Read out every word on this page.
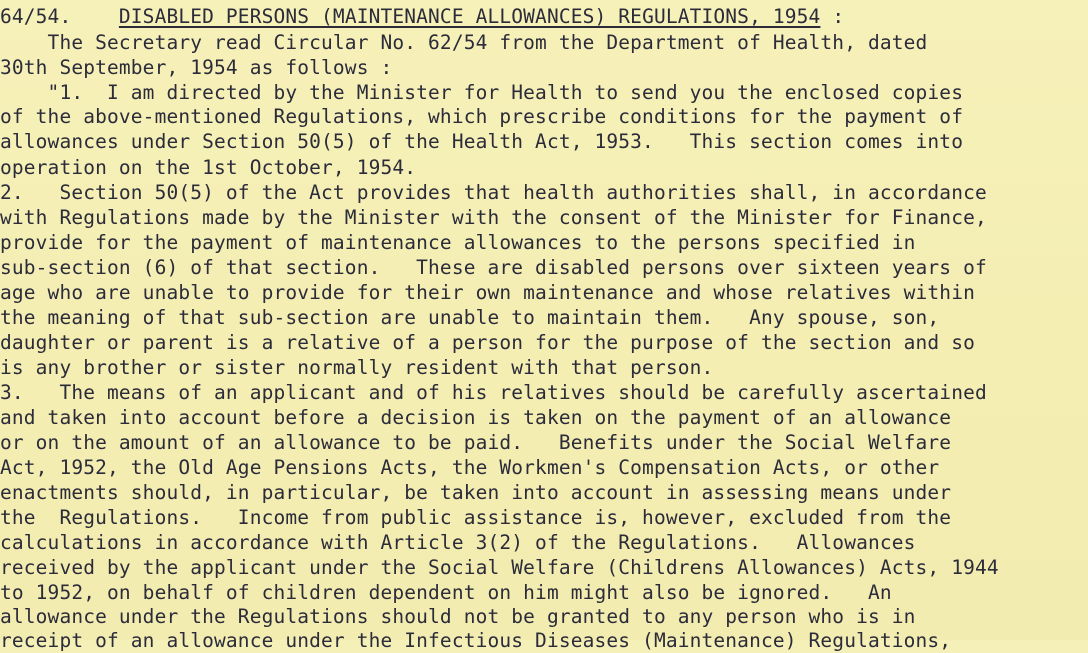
64/54. DISABLED PERSONS (MAINTENANCE ALLOWANCES) REGULATIONS, 1954 :
The Secretary read Circular No. 62/54 from the Department of Health, dated
30th September, 1954 as follows :
"1.  I am directed by the Minister for Health to send you the enclosed copies
of the above-mentioned Regulations, which prescribe conditions for the payment of
allowances under Section 50(5) of the Health Act, 1953.   This section comes into
operation on the 1st October, 1954.
2.   Section 50(5) of the Act provides that health authorities shall, in accordance
with Regulations made by the Minister with the consent of the Minister for Finance,
provide for the payment of maintenance allowances to the persons specified in
sub-section (6) of that section.   These are disabled persons over sixteen years of
age who are unable to provide for their own maintenance and whose relatives within
the meaning of that sub-section are unable to maintain them.   Any spouse, son,
daughter or parent is a relative of a person for the purpose of the section and so
is any brother or sister normally resident with that person.
3.   The means of an applicant and of his relatives should be carefully ascertained
and taken into account before a decision is taken on the payment of an allowance
or on the amount of an allowance to be paid.   Benefits under the Social Welfare
Act, 1952, the Old Age Pensions Acts, the Workmen's Compensation Acts, or other
enactments should, in particular, be taken into account in assessing means under
the  Regulations.   Income from public assistance is, however, excluded from the
calculations in accordance with Article 3(2) of the Regulations.   Allowances
received by the applicant under the Social Welfare (Childrens Allowances) Acts, 1944
to 1952, on behalf of children dependent on him might also be ignored.   An
allowance under the Regulations should not be granted to any person who is in
receipt of an allowance under the Infectious Diseases (Maintenance) Regulations,
